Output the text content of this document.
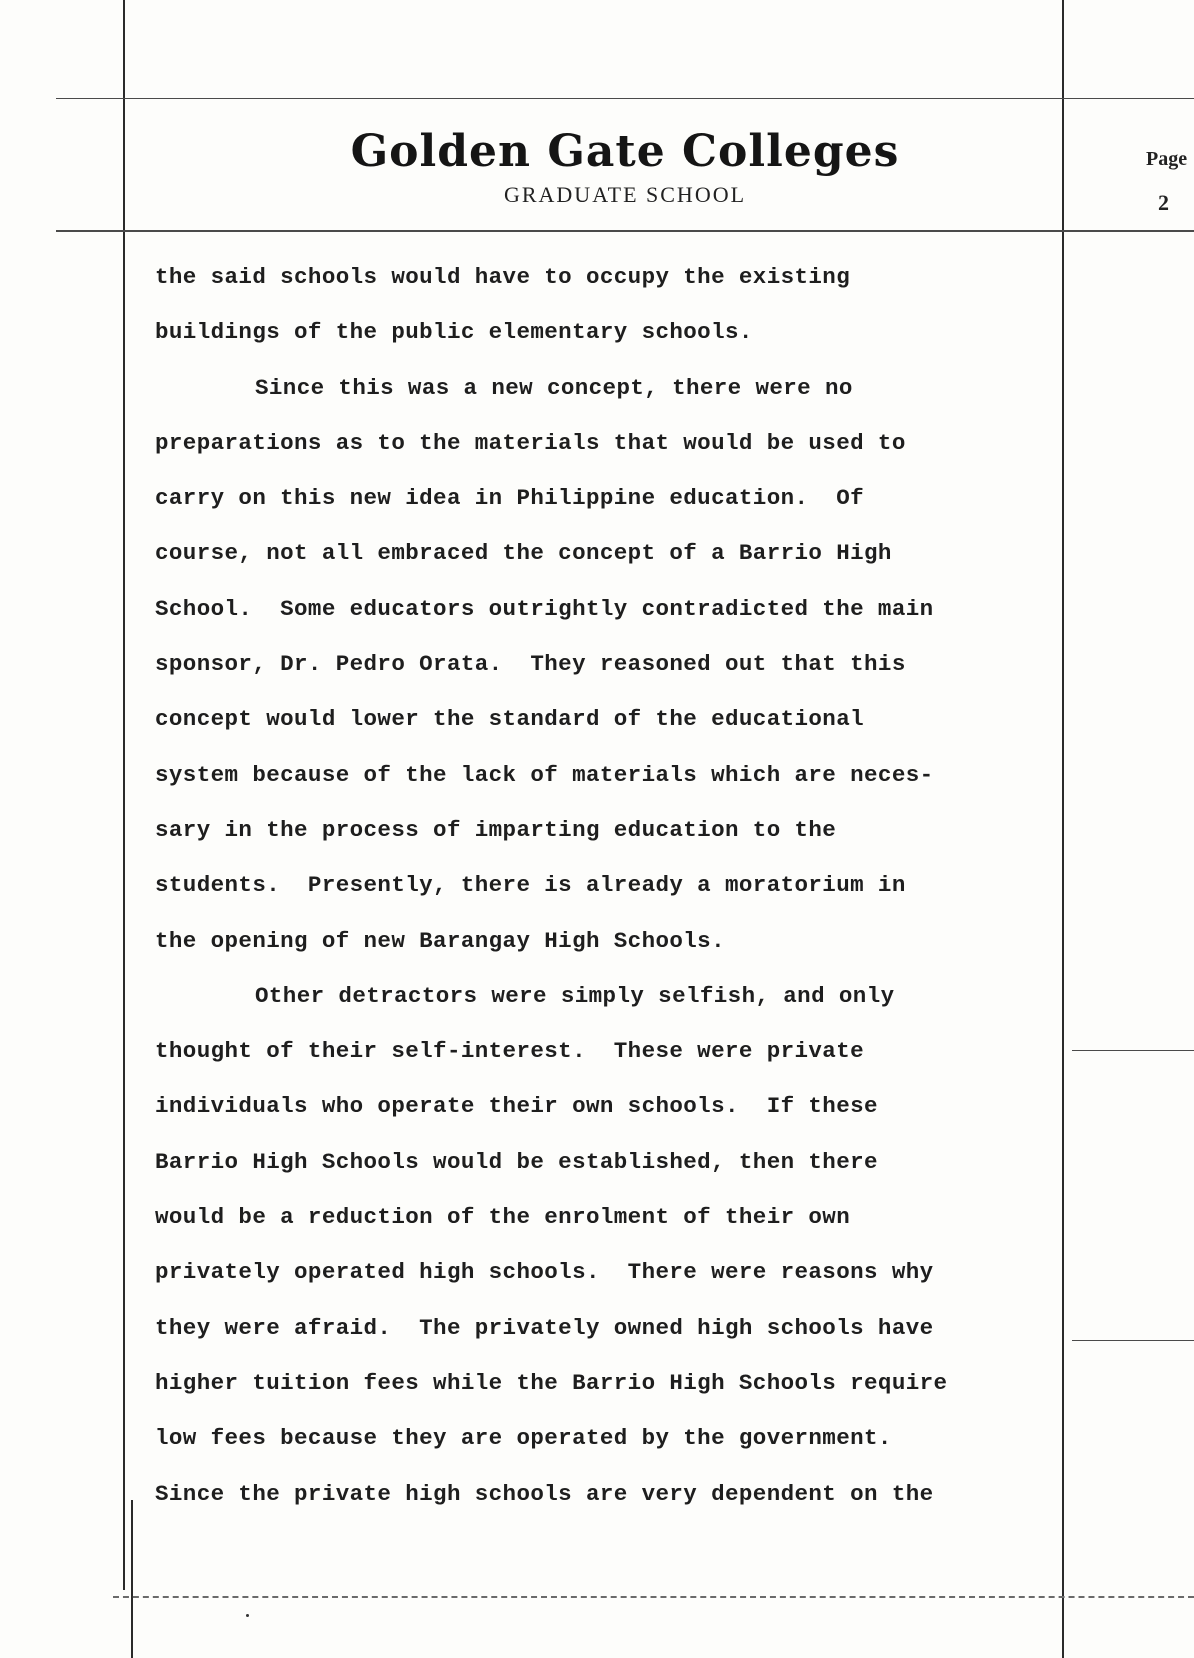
Golden Gate Colleges
GRADUATE SCHOOL
Page
2
the said schools would have to occupy the existing
buildings of the public elementary schools.
Since this was a new concept, there were no
preparations as to the materials that would be used to
carry on this new idea in Philippine education.  Of
course, not all embraced the concept of a Barrio High
School.  Some educators outrightly contradicted the main
sponsor, Dr. Pedro Orata.  They reasoned out that this
concept would lower the standard of the educational
system because of the lack of materials which are neces-
sary in the process of imparting education to the
students.  Presently, there is already a moratorium in
the opening of new Barangay High Schools.
Other detractors were simply selfish, and only
thought of their self-interest.  These were private
individuals who operate their own schools.  If these
Barrio High Schools would be established, then there
would be a reduction of the enrolment of their own
privately operated high schools.  There were reasons why
they were afraid.  The privately owned high schools have
higher tuition fees while the Barrio High Schools require
low fees because they are operated by the government.
Since the private high schools are very dependent on the
